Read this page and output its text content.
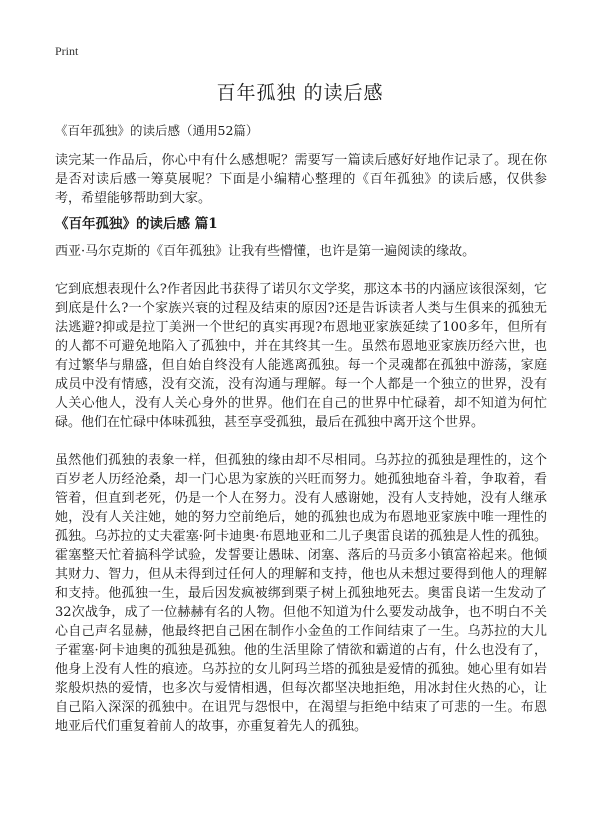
Print
百年孤独 的读后感
《百年孤独》的读后感（通用52篇）

读完某一作品后，你心中有什么感想呢？需要写一篇读后感好好地作记录了。现在你是否对读后感一筹莫展呢？下面是小编精心整理的《百年孤独》的读后感，仅供参考，希望能够帮助到大家。

《百年孤独》的读后感 篇1

西亚·马尔克斯的《百年孤独》让我有些懵懂，也许是第一遍阅读的缘故。

它到底想表现什么?作者因此书获得了诺贝尔文学奖，那这本书的内涵应该很深刻，它到底是什么?一个家族兴衰的过程及结束的原因?还是告诉读者人类与生俱来的孤独无法逃避?抑或是拉丁美洲一个世纪的真实再现?布恩地亚家族延续了100多年，但所有的人都不可避免地陷入了孤独中，并在其终其一生。虽然布恩地亚家族历经六世，也有过繁华与鼎盛，但自始自终没有人能逃离孤独。每一个灵魂都在孤独中游荡，家庭成员中没有情感，没有交流，没有沟通与理解。每一个人都是一个独立的世界，没有人关心他人，没有人关心身外的世界。他们在自己的世界中忙碌着，却不知道为何忙碌。他们在忙碌中体味孤独，甚至享受孤独，最后在孤独中离开这个世界。

虽然他们孤独的表象一样，但孤独的缘由却不尽相同。乌苏拉的孤独是理性的，这个百岁老人历经沧桑，却一门心思为家族的兴旺而努力。她孤独地奋斗着，争取着，看管着，但直到老死，仍是一个人在努力。没有人感谢她，没有人支持她，没有人继承她，没有人关注她，她的努力空前绝后，她的孤独也成为布恩地亚家族中唯一理性的孤独。乌苏拉的丈夫霍塞·阿卡迪奥·布恩地亚和二儿子奥雷良诺的孤独是人性的孤独。霍塞整天忙着搞科学试验，发誓要让愚昧、闭塞、落后的马贡多小镇富裕起来。他倾其财力、智力，但从未得到过任何人的理解和支持，他也从未想过要得到他人的理解和支持。他孤独一生，最后因发疯被绑到栗子树上孤独地死去。奥雷良诺一生发动了32次战争，成了一位赫赫有名的人物。但他不知道为什么要发动战争，也不明白不关心自己声名显赫，他最终把自己困在制作小金鱼的工作间结束了一生。乌苏拉的大儿子霍塞·阿卡迪奥的孤独是孤独。他的生活里除了情欲和霸道的占有，什么也没有了，他身上没有人性的痕迹。乌苏拉的女儿阿玛兰塔的孤独是爱情的孤独。她心里有如岩浆般炽热的爱情，也多次与爱情相遇，但每次都坚决地拒绝，用冰封住火热的心，让自己陷入深深的孤独中。在诅咒与怨恨中，在渴望与拒绝中结束了可悲的一生。布恩地亚后代们重复着前人的故事，亦重复着先人的孤独。
